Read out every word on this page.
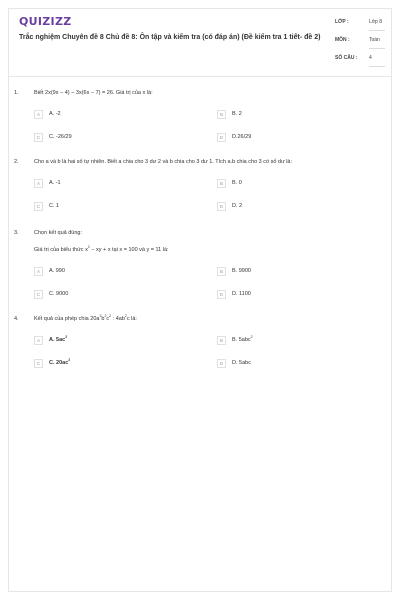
QUIZIZZ
Trắc nghiệm Chuyên đề 8 Chủ đề 8: Ôn tập và kiểm tra (có đáp án) (Đề kiểm tra 1 tiết- đề 2)
LỚP :	Lớp 8
MÔN :	Toán
SỐ CÂU : 4
1.	Biết 2x(9x − 4) − 3x(6x − 7) = 26. Giá trị của x là:
A	A. -2	B	B. 2
C	C. -26/29	D	D.26/29
2.	Cho a và b là hai số tự nhiên. Biết a chia cho 3 dư 2 và b chia cho 3 dư 1. Tích a.b chia cho 3 có số dư là:
A	A. -1	B	B. 0
C	C. 1	D	D. 2
3.	Chọn kết quả đúng:
Giá trị của biểu thức $x^2$ − xy + x tại x = 100 và y = 11 là:
A	A. 990	B	B. 9900
C	C. 9000	D	D. 1100
4.	Kết quả của phép chia $20a^2b^2c^2$ : $4ab^2c$ là:
A	A. $5ac^2$
B	B. 5abc$^2$
C	C. $20ac^2$
D	D. 5abc
